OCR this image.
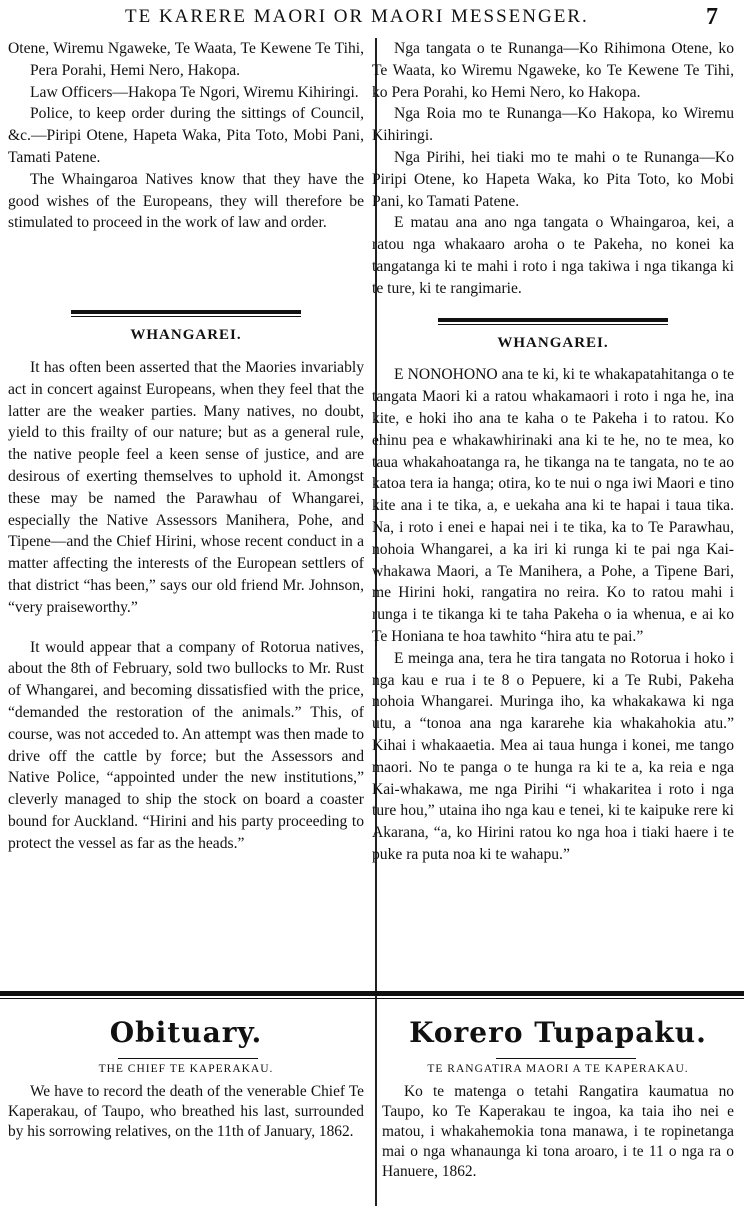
TE KARERE MAORI OR MAORI MESSENGER.	7

Otene, Wiremu Ngaweke, Te Waata, Te Kewene Te Tihi, Pera Porahi, Hemi Nero, Hakopa.

Law Officers—Hakopa Te Ngori, Wiremu Kihiringi.

Police, to keep order during the sittings of Council, &c.—Piripi Otene, Hapeta Waka, Pita Toto, Mobi Pani, Tamati Patene.

The Whaingaroa Natives know that they have the good wishes of the Europeans, they will therefore be stimulated to proceed in the work of law and order.

WHANGAREI.

It has often been asserted that the Maories invariably act in concert against Europeans, when they feel that the latter are the weaker parties. Many natives, no doubt, yield to this frailty of our nature; but as a general rule, the native people feel a keen sense of justice, and are desirous of exerting themselves to uphold it. Amongst these may be named the Parawhau of Whangarei, especially the Native Assessors Manihera, Pohe, and Tipene—and the Chief Hirini, whose recent conduct in a matter affecting the interests of the European settlers of that district “has been,” says our old friend Mr. Johnson, “very praiseworthy.”

It would appear that a company of Rotorua natives, about the 8th of February, sold two bullocks to Mr. Rust of Whangarei, and becoming dissatisfied with the price, “demanded the restoration of the animals.” This, of course, was not acceded to. An attempt was then made to drive off the cattle by force; but the Assessors and Native Police, “appointed under the new institutions,” cleverly managed to ship the stock on board a coaster bound for Auckland. “Hirini and his party proceeding to protect the vessel as far as the heads.”

Nga tangata o te Runanga—Ko Rihimona Otene, ko Te Waata, ko Wiremu Ngaweke, ko Te Kewene Te Tihi, ko Pera Porahi, ko Hemi Nero, ko Hakopa.

Nga Roia mo te Runanga—Ko Hakopa, ko Wiremu Kihiringi.

Nga Pirihi, hei tiaki mo te mahi o te Runanga—Ko Piripi Otene, ko Hapeta Waka, ko Pita Toto, ko Mobi Pani, ko Tamati Patene.

E matau ana ano nga tangata o Whaingaroa, kei, a ratou nga whakaaro aroha o te Pakeha, no konei ka tangatanga ki te mahi i roto i nga takiwa i nga tikanga ki te ture, ki te rangimarie.

WHANGAREI.

E NONOHONO ana te ki, ki te whakapatahitanga o te tangata Maori ki a ratou whakamaori i roto i nga he, ina kite, e hoki iho ana te kaha o te Pakeha i to ratou. Ko ehinu pea e whakawhirinaki ana ki te he, no te mea, ko taua whakahoatanga ra, he tikanga na te tangata, no te ao katoa tera ia hanga; otira, ko te nui o nga iwi Maori e tino kite ana i te tika, a, e uekaha ana ki te hapai i taua tika. Na, i roto i enei e hapai nei i te tika, ka to Te Parawhau, nohoia Whangarei, a ka iri ki runga ki te pai nga Kai-whakawa Maori, a Te Manihera, a Pohe, a Tipene Bari, me Hirini hoki, rangatira no reira. Ko to ratou mahi i runga i te tikanga ki te taha Pakeha o ia whenua, e ai ko Te Honiana te hoa tawhito “hira atu te pai.”

E meinga ana, tera he tira tangata no Rotorua i hoko i nga kau e rua i te 8 o Pepuere, ki a Te Rubi, Pakeha nohoia Whangarei. Muringa iho, ka whakakawa ki nga utu, a “tonoa ana nga kararehe kia whakahokia atu.” Kihai i whakaaetia. Mea ai taua hunga i konei, me tango maori. No te panga o te hunga ra ki te a, ka reia e nga Kai-whakawa, me nga Pirihi “i whakaritea i roto i nga ture hou,” utaina iho nga kau e tenei, ki te kaipuke rere ki Akarana, “a, ko Hirini ratou ko nga hoa i tiaki haere i te puke ra puta noa ki te wahapu.”

Obituary.
THE CHIEF TE KAPERAKAU.

We have to record the death of the venerable Chief Te Kaperakau, of Taupo, who breathed his last, surrounded by his sorrowing relatives, on the 11th of January, 1862.

Korero Tupapaku.
TE RANGATIRA MAORI A TE KAPERAKAU.

Ko te matenga o tetahi Rangatira kaumatua no Taupo, ko Te Kaperakau te ingoa, ka taia iho nei e matou, i whakahemokia tona manawa, i te ropinetanga mai o nga whanaunga ki tona aroaro, i te 11 o nga ra o Hanuere, 1862.
